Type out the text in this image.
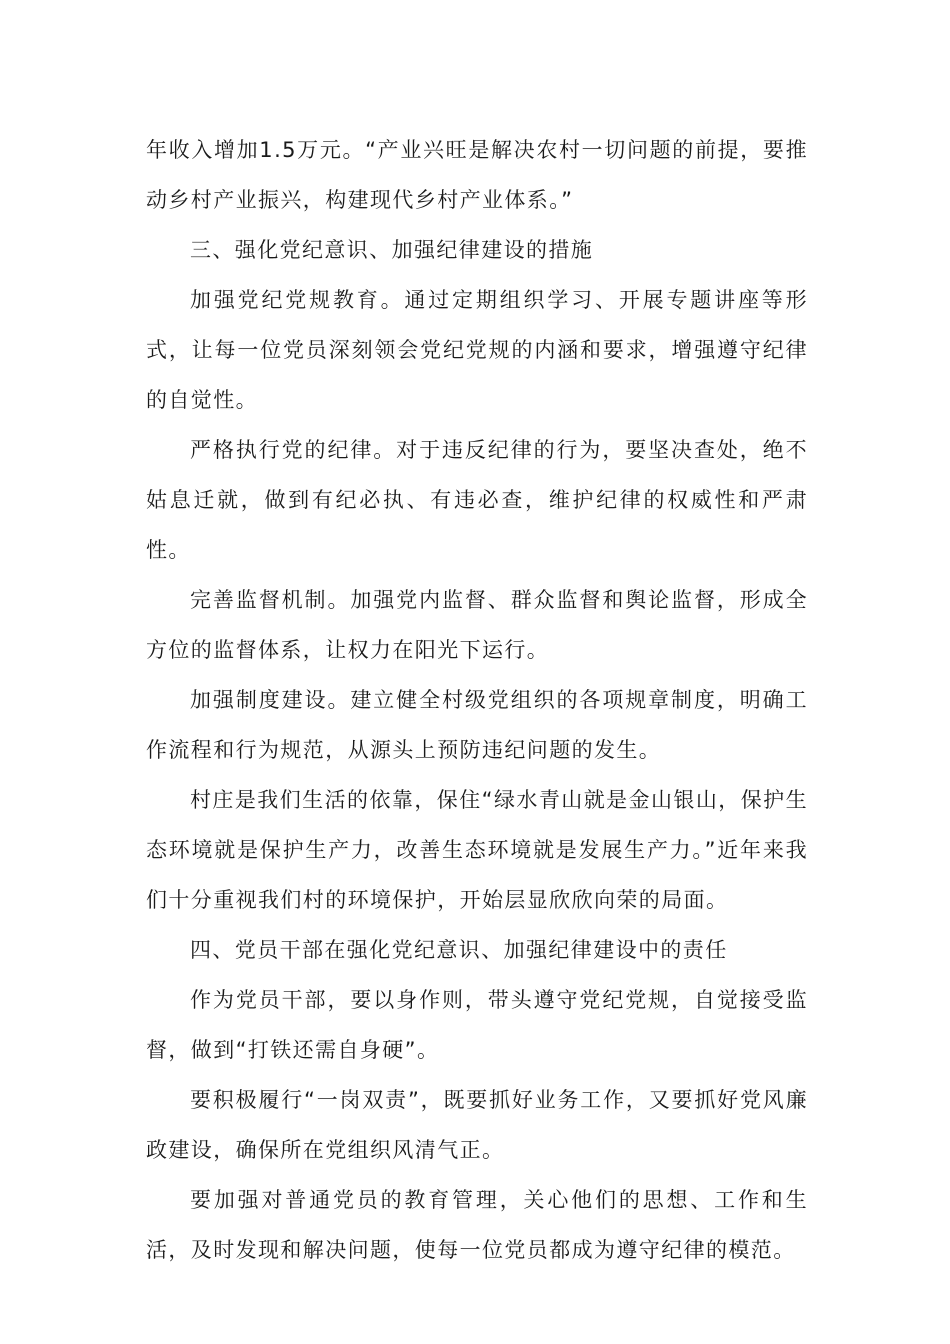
年收入增加1.5万元。“产业兴旺是解决农村一切问题的前提，要推动乡村产业振兴，构建现代乡村产业体系。”

三、强化党纪意识、加强纪律建设的措施

加强党纪党规教育。通过定期组织学习、开展专题讲座等形式，让每一位党员深刻领会党纪党规的内涵和要求，增强遵守纪律的自觉性。

严格执行党的纪律。对于违反纪律的行为，要坚决查处，绝不姑息迁就，做到有纪必执、有违必查，维护纪律的权威性和严肃性。

完善监督机制。加强党内监督、群众监督和舆论监督，形成全方位的监督体系，让权力在阳光下运行。

加强制度建设。建立健全村级党组织的各项规章制度，明确工作流程和行为规范，从源头上预防违纪问题的发生。

村庄是我们生活的依靠，保住“绿水青山就是金山银山，保护生态环境就是保护生产力，改善生态环境就是发展生产力。”近年来我们十分重视我们村的环境保护，开始层显欣欣向荣的局面。

四、党员干部在强化党纪意识、加强纪律建设中的责任

作为党员干部，要以身作则，带头遵守党纪党规，自觉接受监督，做到“打铁还需自身硬”。

要积极履行“一岗双责”，既要抓好业务工作，又要抓好党风廉政建设，确保所在党组织风清气正。

要加强对普通党员的教育管理，关心他们的思想、工作和生活，及时发现和解决问题，使每一位党员都成为遵守纪律的模范。
